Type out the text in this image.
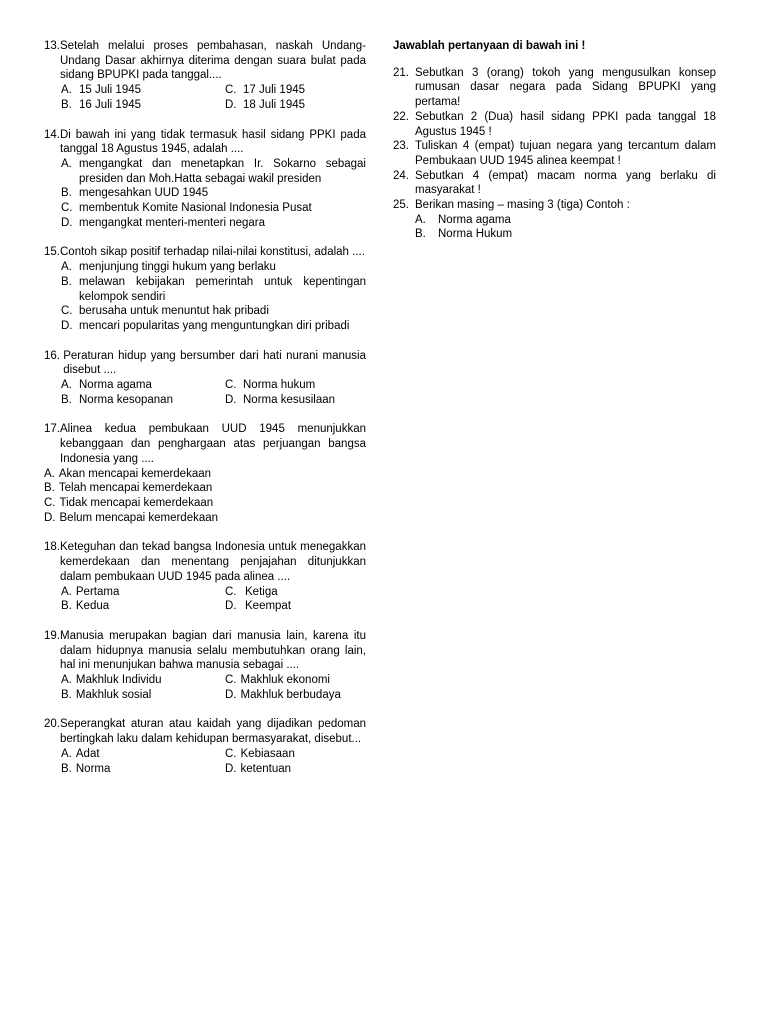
13. Setelah melalui proses pembahasan, naskah Undang- Undang Dasar akhirnya diterima dengan suara bulat pada sidang BPUPKI pada tanggal....
A. 15 Juli 1945	C. 17 Juli 1945
B. 16 Juli 1945	D. 18 Juli 1945
14. Di bawah ini yang tidak termasuk hasil sidang PPKI pada tanggal 18 Agustus 1945, adalah ....
A. mengangkat dan menetapkan Ir. Sokarno sebagai presiden dan Moh.Hatta sebagai wakil presiden
B. mengesahkan UUD 1945
C. membentuk Komite Nasional Indonesia Pusat
D. mengangkat menteri-menteri negara
15. Contoh sikap positif terhadap nilai-nilai konstitusi, adalah ....
A. menjunjung tinggi hukum yang berlaku
B. melawan kebijakan pemerintah untuk kepentingan kelompok sendiri
C. berusaha untuk menuntut hak pribadi
D. mencari popularitas yang menguntungkan diri pribadi
16. Peraturan hidup yang bersumber dari hati nurani manusia disebut ....
A. Norma agama	C. Norma hukum
B. Norma kesopanan	D. Norma kesusilaan
17. Alinea kedua pembukaan UUD 1945 menunjukkan kebanggaan dan penghargaan atas perjuangan bangsa Indonesia yang ....
A. Akan mencapai kemerdekaan
B. Telah mencapai kemerdekaan
C. Tidak mencapai kemerdekaan
D. Belum mencapai kemerdekaan
18. Keteguhan dan tekad bangsa Indonesia untuk menegakkan kemerdekaan dan menentang penjajahan ditunjukkan dalam pembukaan UUD 1945 pada alinea ....
A. Pertama	C. Ketiga
B. Kedua	D. Keempat
19. Manusia merupakan bagian dari manusia lain, karena itu dalam hidupnya manusia selalu membutuhkan orang lain, hal ini menunjukan bahwa manusia sebagai ....
A. Makhluk Individu	C. Makhluk ekonomi
B. Makhluk sosial	D. Makhluk berbudaya
20. Seperangkat aturan atau kaidah yang dijadikan pedoman bertingkah laku dalam kehidupan bermasyarakat, disebut...
A. Adat	C. Kebiasaan
B. Norma	D. ketentuan
Jawablah pertanyaan di bawah ini !
21. Sebutkan 3 (orang) tokoh yang mengusulkan konsep rumusan dasar negara pada Sidang BPUPKI yang pertama!
22. Sebutkan 2 (Dua) hasil sidang PPKI pada tanggal 18 Agustus 1945 !
23. Tuliskan 4 (empat) tujuan negara yang tercantum dalam Pembukaan UUD 1945 alinea keempat !
24. Sebutkan 4 (empat) macam norma yang berlaku di masyarakat !
25. Berikan masing – masing 3 (tiga) Contoh :
A.	Norma agama
B.	Norma Hukum
